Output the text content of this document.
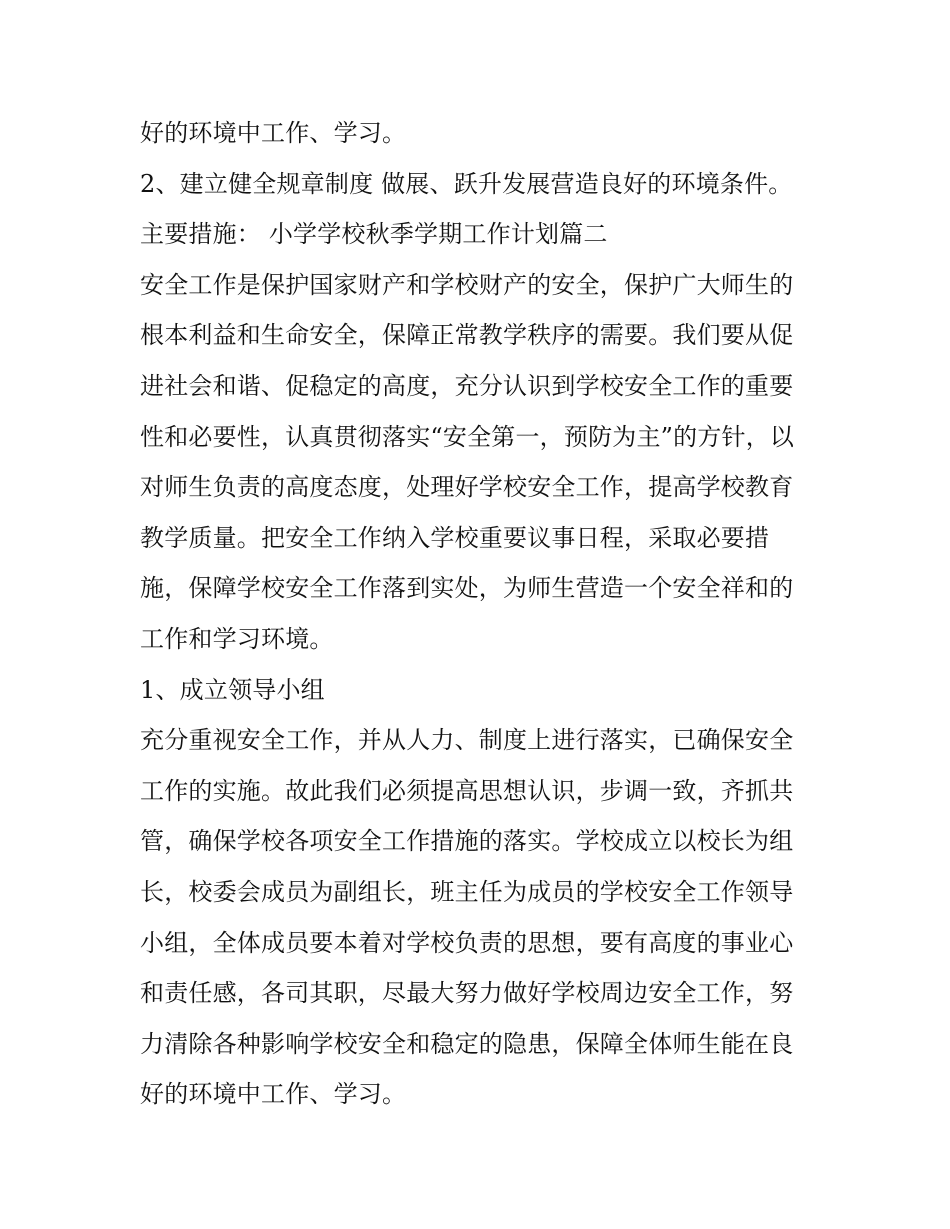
好的环境中工作、学习。
2、建立健全规章制度 做展、跃升发展营造良好的环境条件。
主要措施： 小学学校秋季学期工作计划篇二
安全工作是保护国家财产和学校财产的安全，保护广大师生的
根本利益和生命安全，保障正常教学秩序的需要。我们要从促
进社会和谐、促稳定的高度，充分认识到学校安全工作的重要
性和必要性，认真贯彻落实“安全第一，预防为主”的方针，以
对师生负责的高度态度，处理好学校安全工作，提高学校教育
教学质量。把安全工作纳入学校重要议事日程，采取必要措
施，保障学校安全工作落到实处，为师生营造一个安全祥和的
工作和学习环境。
1、成立领导小组
充分重视安全工作，并从人力、制度上进行落实，已确保安全
工作的实施。故此我们必须提高思想认识，步调一致，齐抓共
管，确保学校各项安全工作措施的落实。学校成立以校长为组
长，校委会成员为副组长，班主任为成员的学校安全工作领导
小组，全体成员要本着对学校负责的思想，要有高度的事业心
和责任感，各司其职，尽最大努力做好学校周边安全工作，努
力清除各种影响学校安全和稳定的隐患，保障全体师生能在良
好的环境中工作、学习。
